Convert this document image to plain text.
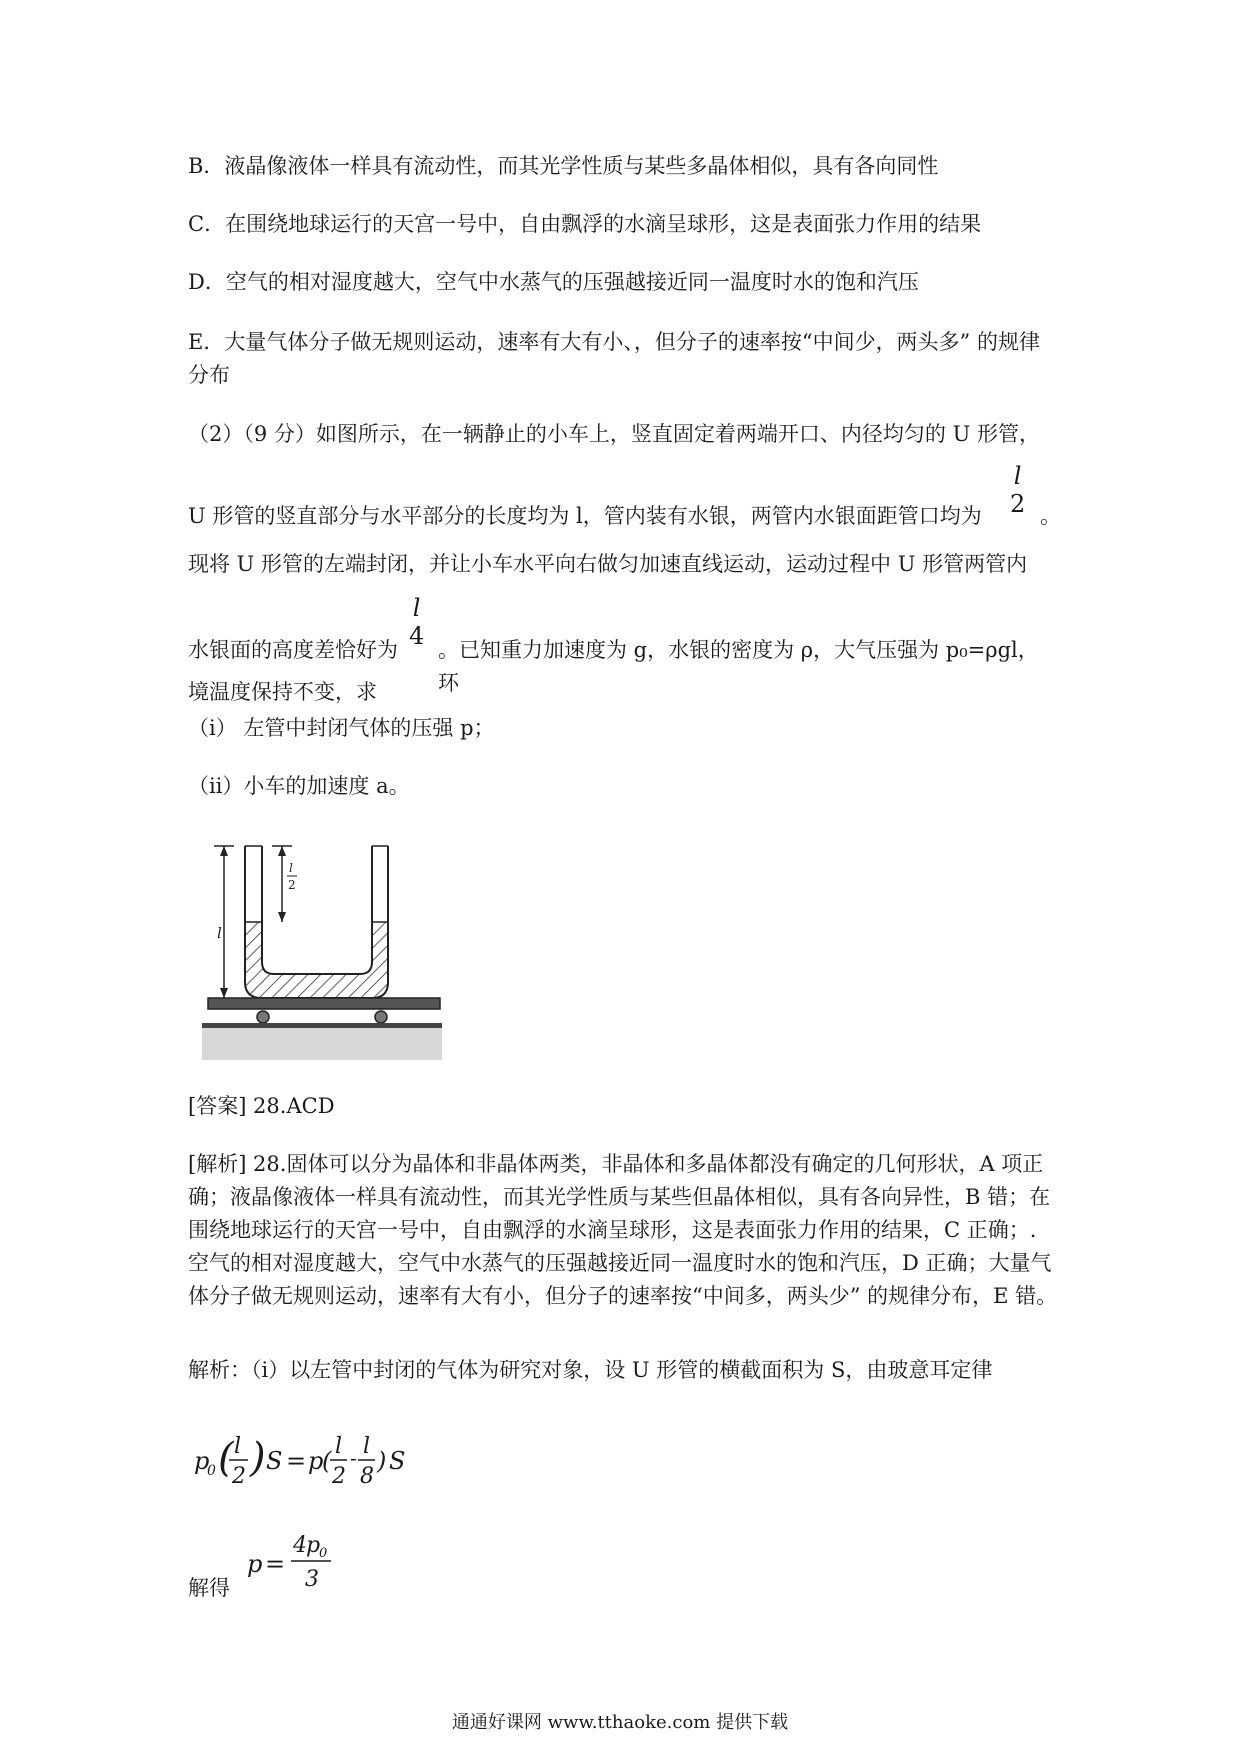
B．液晶像液体一样具有流动性，而其光学性质与某些多晶体相似，具有各向同性

C．在围绕地球运行的天宫一号中，自由飘浮的水滴呈球形，这是表面张力作用的结果

D．空气的相对湿度越大，空气中水蒸气的压强越接近同一温度时水的饱和汽压

E．大量气体分子做无规则运动，速率有大有小、，但分子的速率按“中间少，两头多” 的规律分布

（2）（9 分）如图所示，在一辆静止的小车上，竖直固定着两端开口、内径均匀的 U 形管，

U 形管的竖直部分与水平部分的长度均为 l，管内装有水银，两管内水银面距管口均为

l
2 。

现将 U 形管的左端封闭，并让小车水平向右做匀加速直线运动，运动过程中 U 形管两管内

水银面的高度差恰好为

l
4 。已知重力加速度为 g，水银的密度为 ρ，大气压强为 p₀=ρgl，环

境温度保持不变，求

（ⅰ） 左管中封闭气体的压强 p；

（ⅱ）小车的加速度 a。

l
l
2

[答案] 28.ACD

[解析] 28.固体可以分为晶体和非晶体两类，非晶体和多晶体都没有确定的几何形状，A 项正确；液晶像液体一样具有流动性，而其光学性质与某些但晶体相似，具有各向异性，B 错；在围绕地球运行的天宫一号中，自由飘浮的水滴呈球形，这是表面张力作用的结果，C 正确；. 空气的相对湿度越大，空气中水蒸气的压强越接近同一温度时水的饱和汽压，D 正确；大量气体分子做无规则运动，速率有大有小，但分子的速率按“中间多，两头少” 的规律分布，E 错。

解析：（ⅰ）以左管中封闭的气体为研究对象，设 U 形管的横截面积为 S，由玻意耳定律

p
0 ( l
2 ) S = p
(
l
2
- l
8
) S

解得

p =
4 p
0
3
通通好课网 www.tthaoke.com 提供下载
